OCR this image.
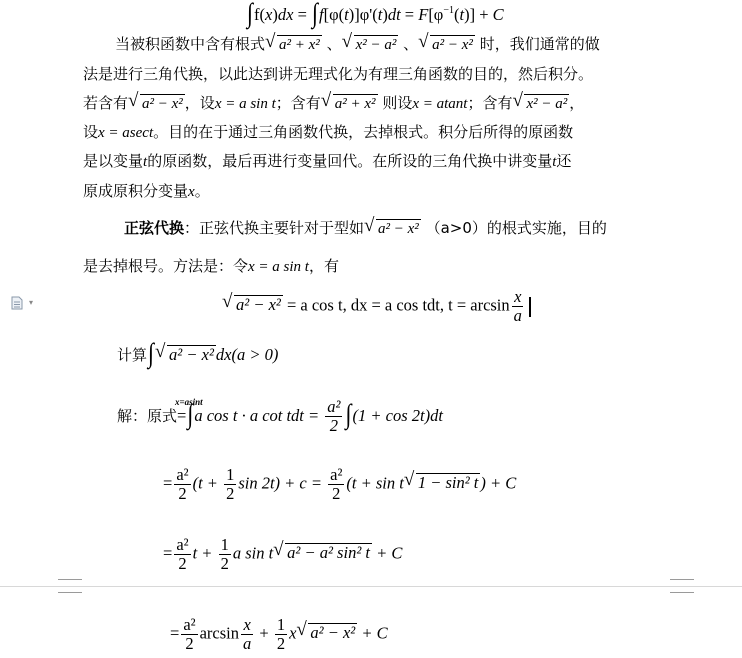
$\int f(x)dx = \int f[\varphi(t)]\varphi'(t)dt = F[\varphi^{-1}(t)] + C$
当被积函数中含有根式√ a² + x² 、√ x² − a² 、√ a² − x² 时，我们通常的做
法是进行三角代换，以此达到讲无理式化为有理三角函数的目的，然后积分。
若含有√ a² − x² ，设x = a sin t；含有√ a² + x² 则设x = atant；含有√ x² − a² ，
设x = asect。目的在于通过三角函数代换，去掉根式。积分后所得的原函数
是以变量t的原函数，最后再进行变量回代。在所设的三角代换中讲变量t还
原成原积分变量x。
正弦代换：正弦代换主要针对于型如√ a² − x² （a>0）的根式实施，目的
是去掉根号。方法是：令x = a sin t，有
▾
√	a² − x² = a cos t, dx = a cos tdt, $t = \arcsin \frac{x}{a}$
计算∫√ a² − x² dx(a > 0)
解：原式
x=asint
=∫a cos t · a cot tdt = $\frac{\text{a²}}{2} \int(1 + \cos 2t)dt$
= $\frac{\text{a²}}{2} (t + \frac{1}{2}$ $\sin 2t) + c = \frac{\text{a²}}{2} (t + \sin t√$ 1 − sin² t ) + C
= $\frac{\text{a²}}{2}$ $t + \frac{1}{2}$ a sin t√ a² − a² sin² t + C
= $\frac{\text{a²}}{2}$ $\arcsin \frac{x}{a} + \frac{1}{2} x√$ a² − x² + C
